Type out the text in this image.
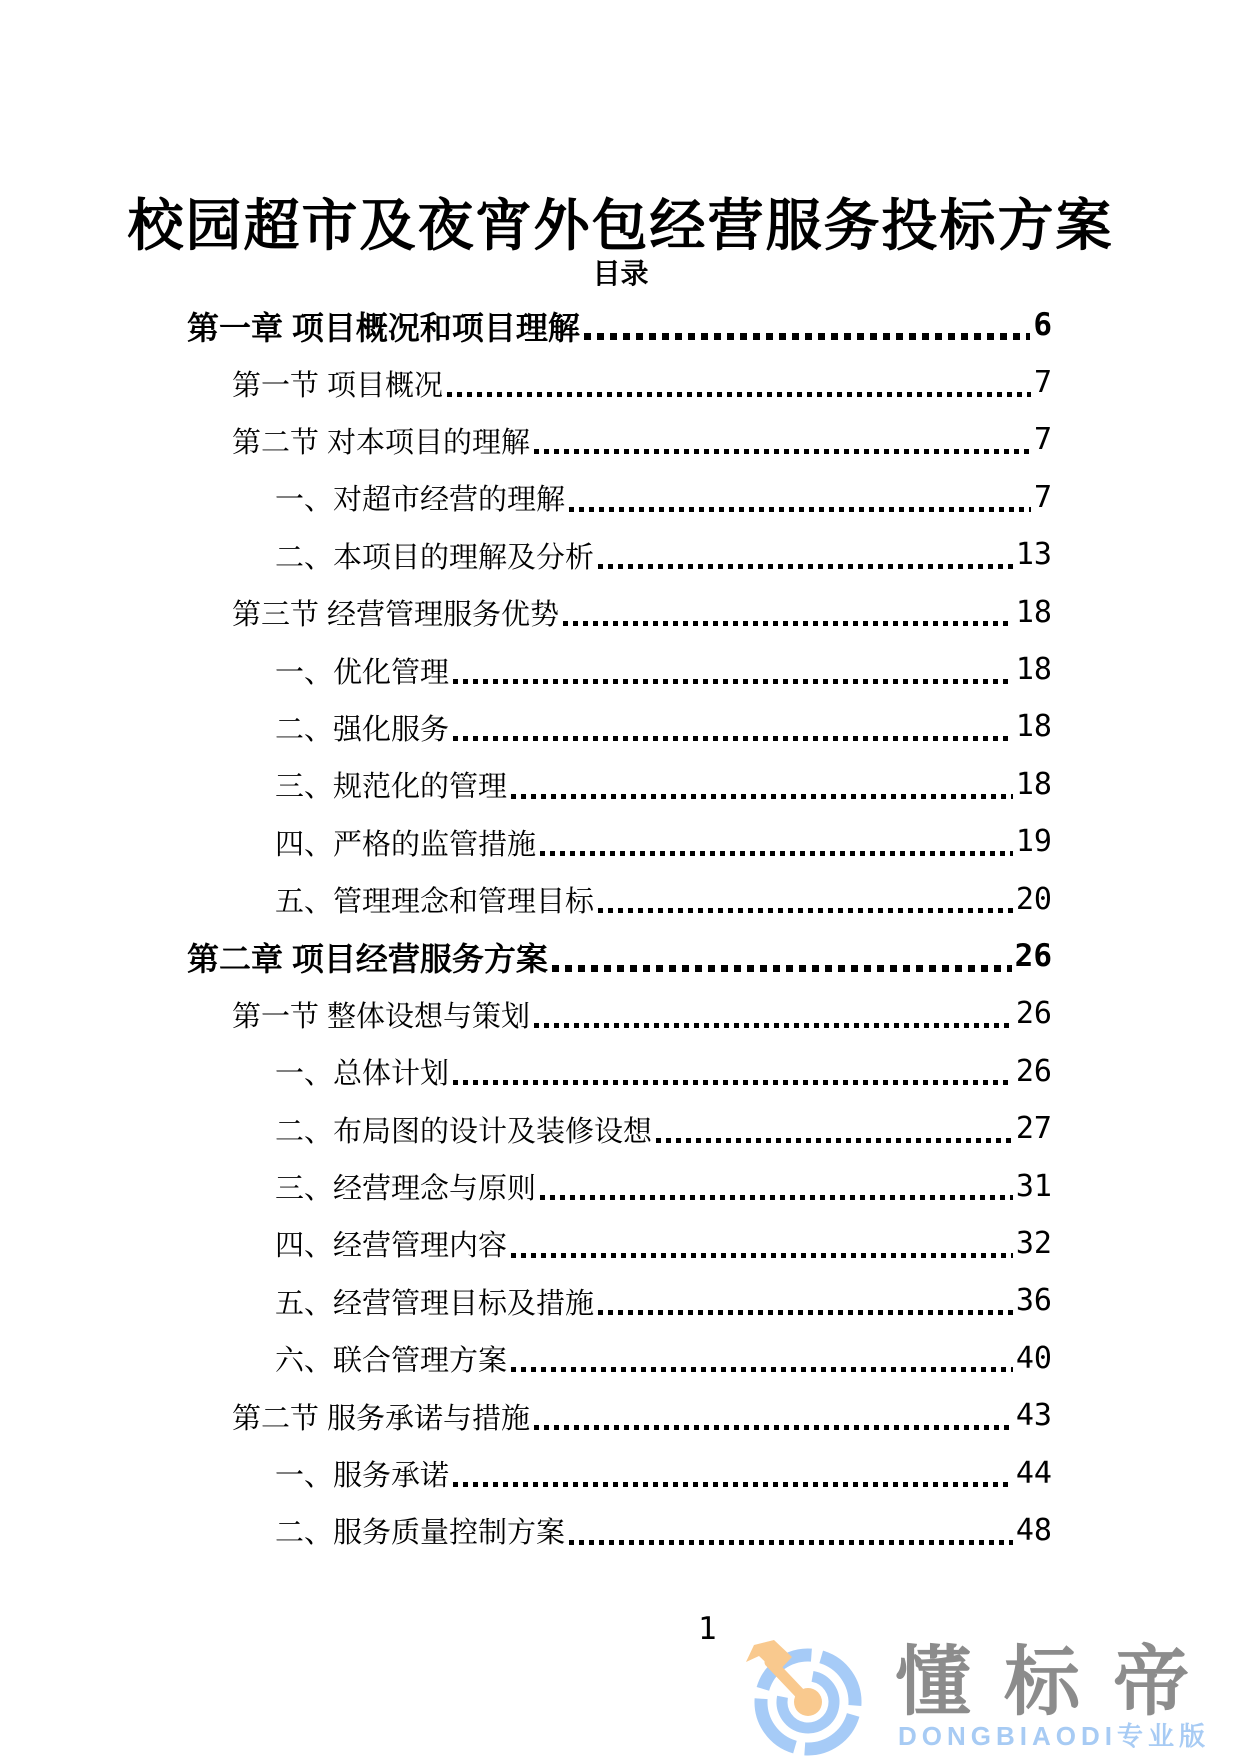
校园超市及夜宵外包经营服务投标方案
目录
第一章 项目概况和项目理解	6
第一节 项目概况	7
第二节 对本项目的理解	7
一、对超市经营的理解	7
二、本项目的理解及分析	13
第三节 经营管理服务优势	18
一、优化管理	18
二、强化服务	18
三、规范化的管理	18
四、严格的监管措施	19
五、管理理念和管理目标	20
第二章 项目经营服务方案	26
第一节 整体设想与策划	26
一、总体计划	26
二、布局图的设计及装修设想	27
三、经营理念与原则	31
四、经营管理内容	32
五、经营管理目标及措施	36
六、联合管理方案	40
第二节 服务承诺与措施	43
一、服务承诺	44
二、服务质量控制方案	48
1
懂标帝
DONGBIAODI专业版
